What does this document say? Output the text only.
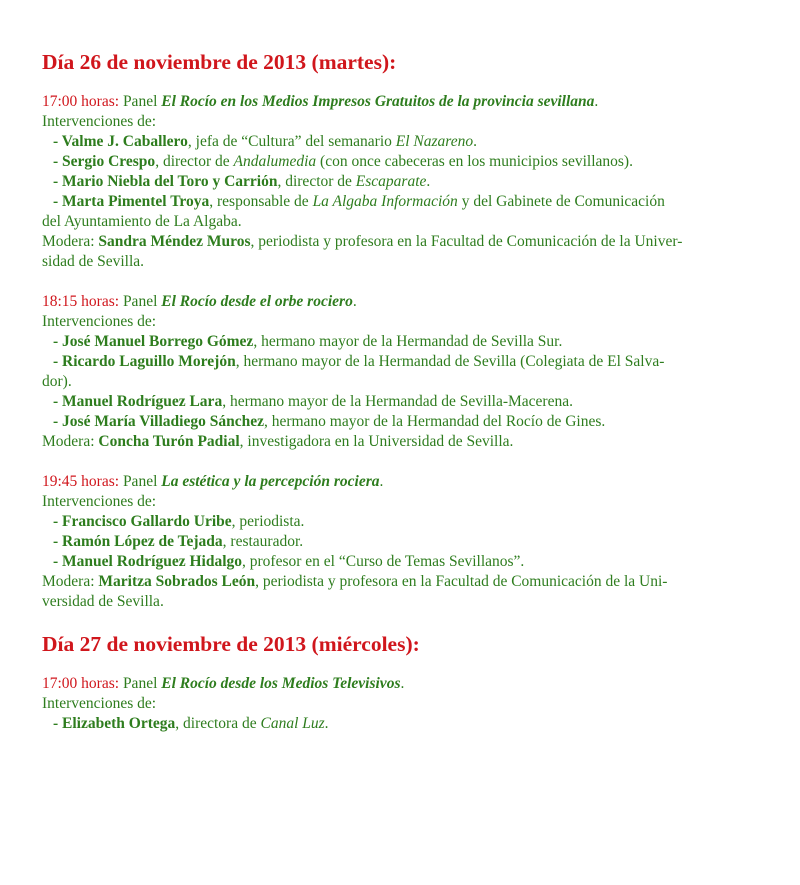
Día 26 de noviembre de 2013 (martes):

17:00 horas: Panel El Rocío en los Medios Impresos Gratuitos de la provincia sevillana.

Intervenciones de:

- Valme J. Caballero, jefa de “Cultura” del semanario El Nazareno.

- Sergio Crespo, director de Andalumedia (con once cabeceras en los municipios sevillanos).

- Mario Niebla del Toro y Carrión, director de Escaparate.

- Marta Pimentel Troya, responsable de La Algaba Información y del Gabinete de Comunicación

del Ayuntamiento de La Algaba.

Modera: Sandra Méndez Muros, periodista y profesora en la Facultad de Comunicación de la Univer-

sidad de Sevilla.

18:15 horas: Panel El Rocío desde el orbe rociero.

Intervenciones de:

- José Manuel Borrego Gómez, hermano mayor de la Hermandad de Sevilla Sur.

- Ricardo Laguillo Morejón, hermano mayor de la Hermandad de Sevilla (Colegiata de El Salva-

dor).

- Manuel Rodríguez Lara, hermano mayor de la Hermandad de Sevilla-Macerena.

- José María Villadiego Sánchez, hermano mayor de la Hermandad del Rocío de Gines.

Modera: Concha Turón Padial, investigadora en la Universidad de Sevilla.

19:45 horas: Panel La estética y la percepción rociera.

Intervenciones de:

- Francisco Gallardo Uribe, periodista.

- Ramón López de Tejada, restaurador.

- Manuel Rodríguez Hidalgo, profesor en el “Curso de Temas Sevillanos”.

Modera: Maritza Sobrados León, periodista y profesora en la Facultad de Comunicación de la Uni-

versidad de Sevilla.

Día 27 de noviembre de 2013 (miércoles):

17:00 horas: Panel El Rocío desde los Medios Televisivos.

Intervenciones de:

- Elizabeth Ortega, directora de Canal Luz.
